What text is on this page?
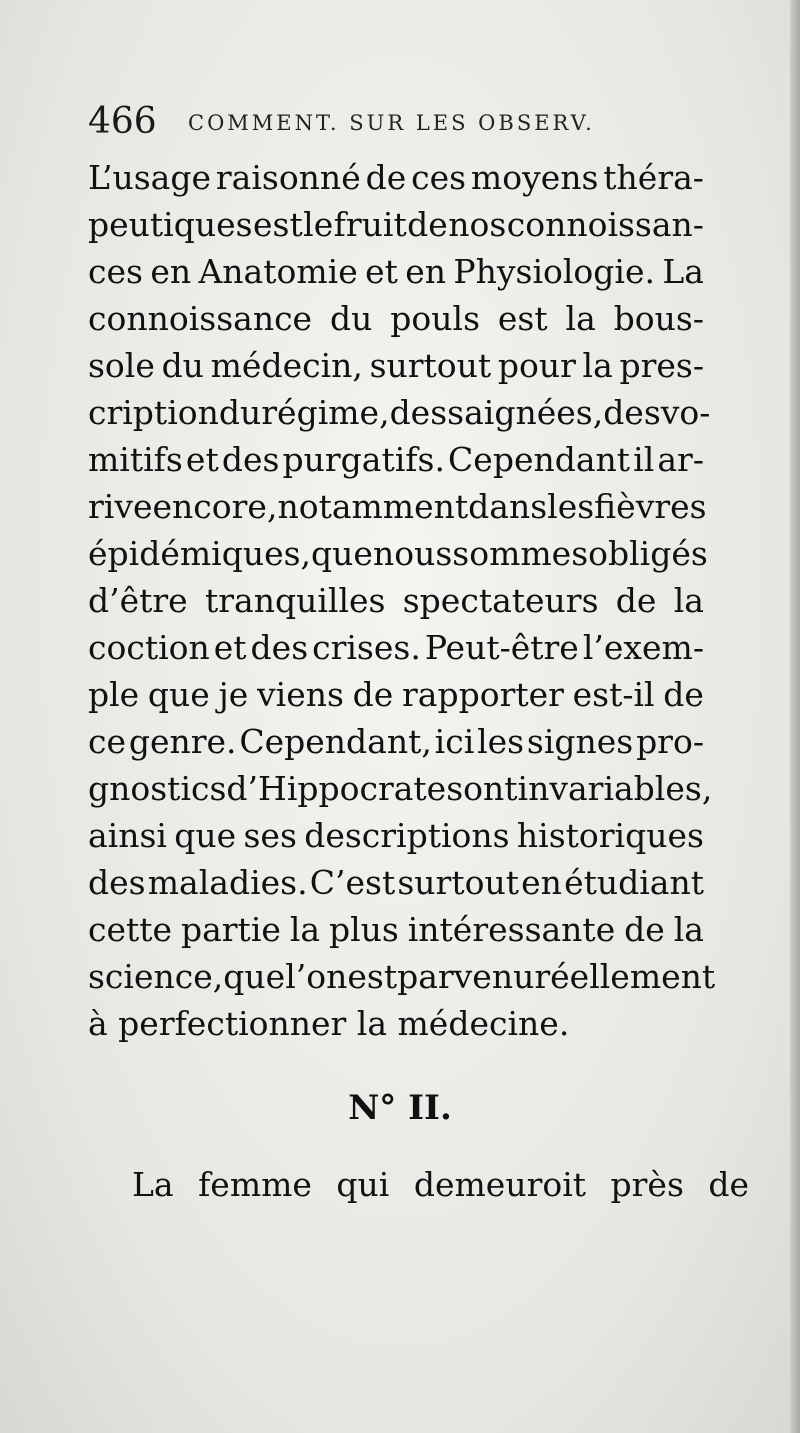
466 COMMENT. SUR LES OBSERV.
L’usage raisonné de ces moyens théra-
peutiques est le fruit de nos connoissan-
ces en Anatomie et en Physiologie. La
connoissance du pouls est la bous-
sole du médecin, surtout pour la pres-
cription du régime, des saignées, des vo-
mitifs et des purgatifs. Cependant il ar-
rive encore, notamment dans les fièvres
épidémiques, que nous sommes obligés
d’être tranquilles spectateurs de la
coction et des crises. Peut-être l’exem-
ple que je viens de rapporter est-il de
ce genre. Cependant, ici les signes pro-
gnostics d’Hippocrate sont invariables,
ainsi que ses descriptions historiques
des maladies. C’est surtout en étudiant
cette partie la plus intéressante de la
science, que l’on est parvenu réellement
à perfectionner la médecine.
N° II.
La femme qui demeuroit près de
